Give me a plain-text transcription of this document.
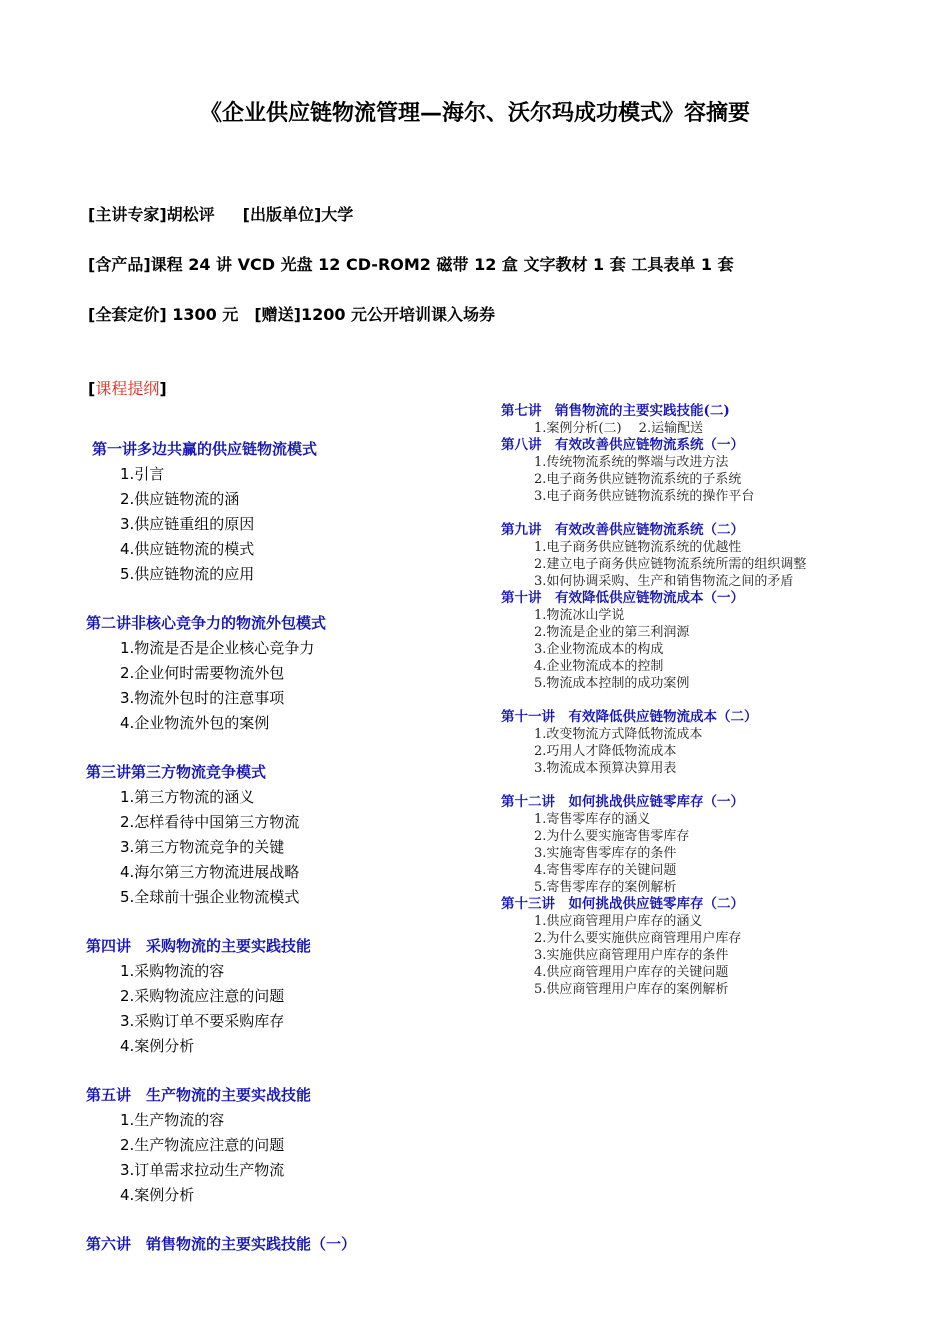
《企业供应链物流管理—海尔、沃尔玛成功模式》容摘要

[主讲专家]胡松评 [出版单位]大学

[含产品]课程 24 讲 VCD 光盘 12 CD-ROM2 磁带 12 盒 文字教材 1 套 工具表单 1 套

[全套定价] 1300 元 [赠送]1200 元公开培训课入场券

[课程提纲]
第一讲多边共赢的供应链物流模式
1.引言
2.供应链物流的涵
3.供应链重组的原因
4.供应链物流的模式
5.供应链物流的应用
第二讲非核心竞争力的物流外包模式
1.物流是否是企业核心竞争力
2.企业何时需要物流外包
3.物流外包时的注意事项
4.企业物流外包的案例
第三讲第三方物流竞争模式
1.第三方物流的涵义
2.怎样看待中国第三方物流
3.第三方物流竞争的关键
4.海尔第三方物流进展战略
5.全球前十强企业物流模式
第四讲　采购物流的主要实践技能
1.采购物流的容
2.采购物流应注意的问题
3.采购订单不要采购库存
4.案例分析
第五讲　生产物流的主要实战技能
1.生产物流的容
2.生产物流应注意的问题
3.订单需求拉动生产物流
4.案例分析
第六讲　销售物流的主要实践技能（一）
第七讲　销售物流的主要实践技能(二)
1.案例分析(二)　 2.运输配送
第八讲　有效改善供应链物流系统（一）
1.传统物流系统的弊端与改进方法
2.电子商务供应链物流系统的子系统
3.电子商务供应链物流系统的操作平台
第九讲　有效改善供应链物流系统（二）
1.电子商务供应链物流系统的优越性
2.建立电子商务供应链物流系统所需的组织调整
3.如何协调采购、生产和销售物流之间的矛盾
第十讲　有效降低供应链物流成本（一）
1.物流冰山学说
2.物流是企业的第三利润源
3.企业物流成本的构成
4.企业物流成本的控制
5.物流成本控制的成功案例
第十一讲　有效降低供应链物流成本（二）
1.改变物流方式降低物流成本
2.巧用人才降低物流成本
3.物流成本预算决算用表
第十二讲　如何挑战供应链零库存（一）
1.寄售零库存的涵义
2.为什么要实施寄售零库存
3.实施寄售零库存的条件
4.寄售零库存的关键问题
5.寄售零库存的案例解析
第十三讲　如何挑战供应链零库存（二）
1.供应商管理用户库存的涵义
2.为什么要实施供应商管理用户库存
3.实施供应商管理用户库存的条件
4.供应商管理用户库存的关键问题
5.供应商管理用户库存的案例解析
